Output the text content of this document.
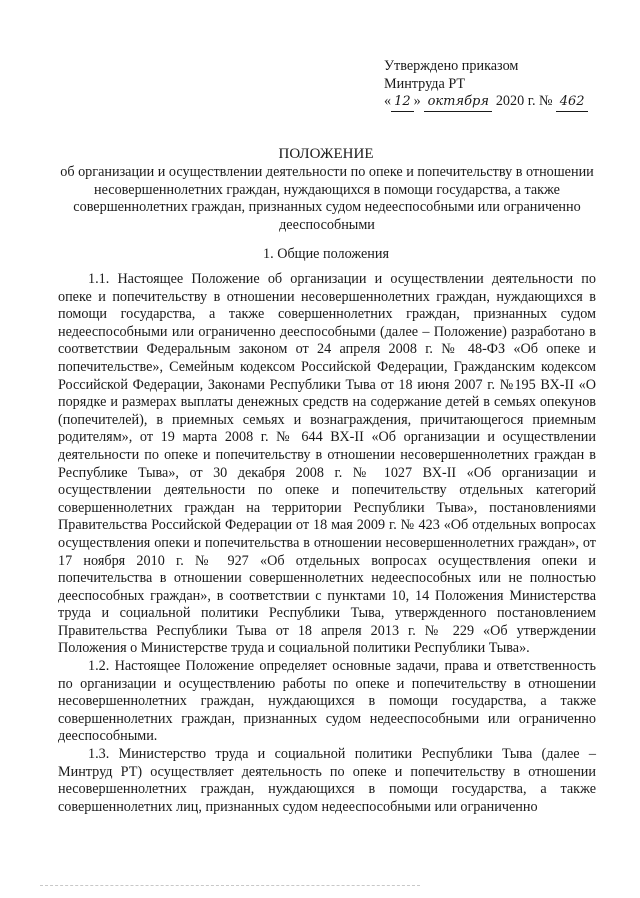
Утверждено приказом
Минтруда РТ
« 12 » октября 2020 г. № 462
ПОЛОЖЕНИЕ
об организации и осуществлении деятельности по опеке и попечительству в отношении несовершеннолетних граждан, нуждающихся в помощи государства, а также совершеннолетних граждан, признанных судом недееспособными или ограниченно дееспособными
1. Общие положения

1.1. Настоящее Положение об организации и осуществлении деятельности по опеке и попечительству в отношении несовершеннолетних граждан, нуждающихся в помощи государства, а также совершеннолетних граждан, признанных судом недееспособными или ограниченно дееспособными (далее – Положение) разработано в соответствии Федеральным законом от 24 апреля 2008 г. № 48-ФЗ «Об опеке и попечительстве», Семейным кодексом Российской Федерации, Гражданским кодексом Российской Федерации, Законами Республики Тыва от 18 июня 2007 г. №195 ВХ-II «О порядке и размерах выплаты денежных средств на содержание детей в семьях опекунов (попечителей), в приемных семьях и вознаграждения, причитающегося приемным родителям», от 19 марта 2008 г. № 644 ВХ-II «Об организации и осуществлении деятельности по опеке и попечительству в отношении несовершеннолетних граждан в Республике Тыва», от 30 декабря 2008 г. № 1027 ВХ-II «Об организации и осуществлении деятельности по опеке и попечительству отдельных категорий совершеннолетних граждан на территории Республики Тыва», постановлениями Правительства Российской Федерации от 18 мая 2009 г. № 423 «Об отдельных вопросах осуществления опеки и попечительства в отношении несовершеннолетних граждан», от 17 ноября 2010 г. № 927 «Об отдельных вопросах осуществления опеки и попечительства в отношении совершеннолетних недееспособных или не полностью дееспособных граждан», в соответствии с пунктами 10, 14 Положения Министерства труда и социальной политики Республики Тыва, утвержденного постановлением Правительства Республики Тыва от 18 апреля 2013 г. № 229 «Об утверждении Положения о Министерстве труда и социальной политики Республики Тыва».

1.2. Настоящее Положение определяет основные задачи, права и ответственность по организации и осуществлению работы по опеке и попечительству в отношении несовершеннолетних граждан, нуждающихся в помощи государства, а также совершеннолетних граждан, признанных судом недееспособными или ограниченно дееспособными.

1.3. Министерство труда и социальной политики Республики Тыва (далее – Минтруд РТ) осуществляет деятельность по опеке и попечительству в отношении несовершеннолетних граждан, нуждающихся в помощи государства, а также совершеннолетних лиц, признанных судом недееспособными или ограниченно
